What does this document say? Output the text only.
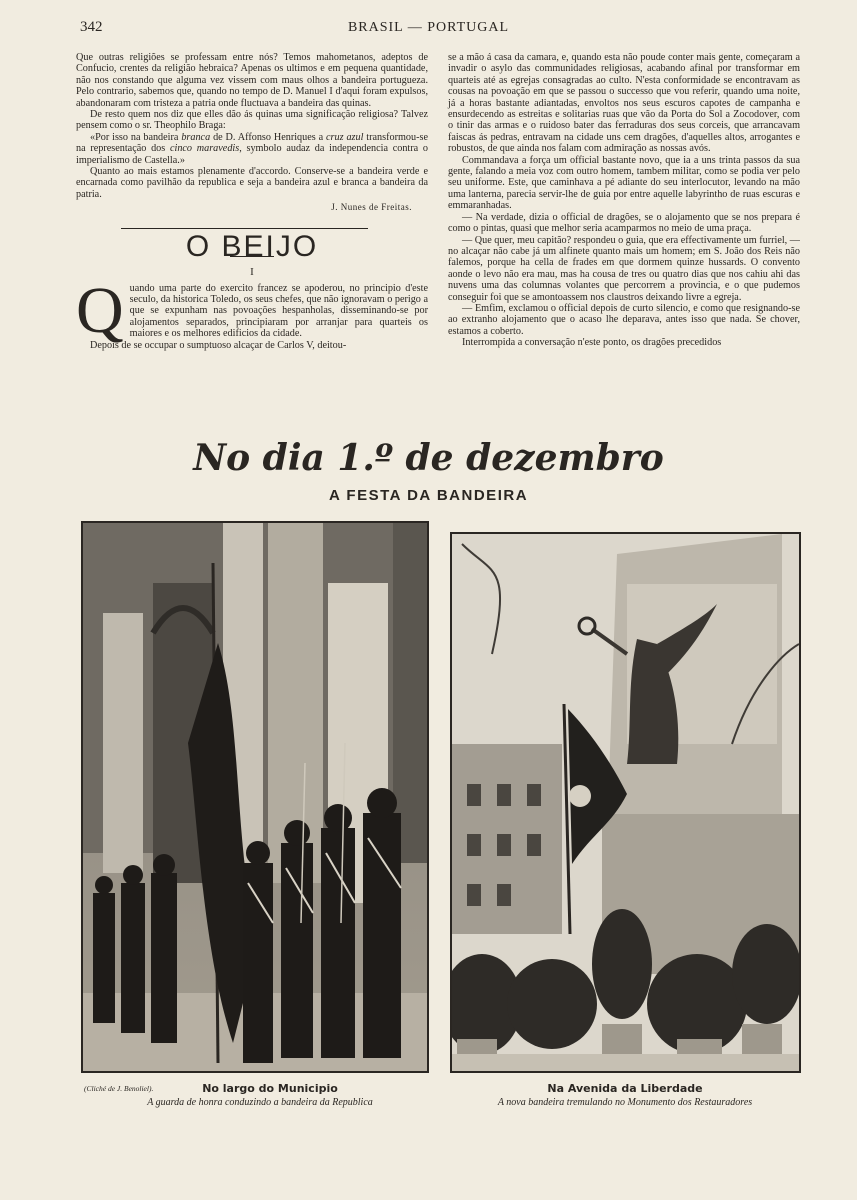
342	BRASIL — PORTUGAL

Que outras religiões se professam entre nós? Temos mahometanos, adeptos de Confucio, crentes da religião hebraica? Apenas os ultimos e em pequena quantidade, não nos constando que alguma vez vissem com maus olhos a bandeira portugueza. Pelo contrario, sabemos que, quando no tempo de D. Manuel I d'aqui foram expulsos, abandonaram com tristeza a patria onde fluctuava a bandeira das quinas.

De resto quem nos diz que elles dão ás quinas uma significação religiosa? Talvez pensem como o sr. Theophilo Braga:

«Por isso na bandeira branca de D. Affonso Henriques a cruz azul transformou-se na representação dos cinco maravedis, symbolo audaz da independencia contra o imperialismo de Castella.»

Quanto ao mais estamos plenamente d'accordo. Conserve-se a bandeira verde e encarnada como pavilhão da republica e seja a bandeira azul e branca a bandeira da patria.

J. Nunes de Freitas.

O BEIJO
I

Quando uma parte do exercito francez se apoderou, no principio d'este seculo, da historica Toledo, os seus chefes, que não ignoravam o perigo a que se expunham nas povoações hespanholas, disseminando-se por alojamentos separados, principiaram por arranjar para quarteis os maiores e os melhores edificios da cidade.

Depois de se occupar o sumptuoso alcaçar de Carlos V, deitou-

se a mão á casa da camara, e, quando esta não poude conter mais gente, começaram a invadir o asylo das communidades religiosas, acabando afinal por transformar em quarteis até as egrejas consagradas ao culto. N'esta conformidade se encontravam as cousas na povoação em que se passou o successo que vou referir, quando uma noite, já a horas bastante adiantadas, envoltos nos seus escuros capotes de campanha e ensurdecendo as estreitas e solitarias ruas que vão da Porta do Sol a Zocodover, com o tinir das armas e o ruidoso bater das ferraduras dos seus corceis, que arrancavam faiscas ás pedras, entravam na cidade uns cem dragões, d'aquelles altos, arrogantes e robustos, de que ainda nos falam com admiração as nossas avós.

Commandava a força um official bastante novo, que ia a uns trinta passos da sua gente, falando a meia voz com outro homem, tambem militar, como se podia ver pelo seu uniforme. Este, que caminhava a pé adiante do seu interlocutor, levando na mão uma lanterna, parecia servir-lhe de guia por entre aquelle labyrintho de ruas escuras e emmaranhadas.

— Na verdade, dizia o official de dragões, se o alojamento que se nos prepara é como o pintas, quasi que melhor seria acamparmos no meio de uma praça.

— Que quer, meu capitão? respondeu o guia, que era effectivamente um furriel, — no alcaçar não cabe já um alfinete quanto mais um homem; em S. João dos Reis não falemos, porque ha cella de frades em que dormem quinze hussards. O convento aonde o levo não era mau, mas ha cousa de tres ou quatro dias que nos cahiu ahi das nuvens uma das columnas volantes que percorrem a provincia, e o que pudemos conseguir foi que se amontoassem nos claustros deixando livre a egreja.

— Emfim, exclamou o official depois de curto silencio, e como que resignando-se ao extranho alojamento que o acaso lhe deparava, antes isso que nada. Se chover, estamos a coberto.

Interrompida a conversação n'este ponto, os dragões precedidos

No dia 1.º de dezembro
A FESTA DA BANDEIRA
(Cliché de J. Benoliel).	No largo do Municipio
A guarda de honra conduzindo a bandeira da Republica
Na Avenida da Liberdade
A nova bandeira tremulando no Monumento dos Restauradores
